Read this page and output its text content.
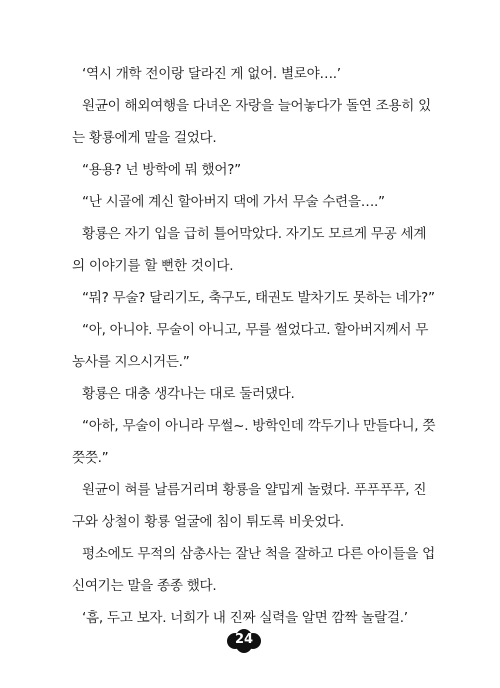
‘역시 개학 전이랑 달라진 게 없어. 별로야….’
원균이 해외여행을 다녀온 자랑을 늘어놓다가 돌연 조용히 있
는 황룡에게 말을 걸었다.
“용용? 넌 방학에 뭐 했어?”
“난 시골에 계신 할아버지 댁에 가서 무술 수련을….”
황룡은 자기 입을 급히 틀어막았다. 자기도 모르게 무공 세계
의 이야기를 할 뻔한 것이다.
“뭐? 무술? 달리기도, 축구도, 태권도 발차기도 못하는 네가?”
“아, 아니야. 무술이 아니고, 무를 썰었다고. 할아버지께서 무
농사를 지으시거든.”
황룡은 대충 생각나는 대로 둘러댔다.
“아하, 무술이 아니라 무썰~. 방학인데 깍두기나 만들다니, 쯧
쯧쯧.”
원균이 혀를 날름거리며 황룡을 얄밉게 놀렸다. 푸푸푸푸, 진
구와 상철이 황룡 얼굴에 침이 튀도록 비웃었다.
평소에도 무적의 삼총사는 잘난 척을 잘하고 다른 아이들을 업
신여기는 말을 종종 했다.
‘흠, 두고 보자. 너희가 내 진짜 실력을 알면 깜짝 놀랄걸.’
24
